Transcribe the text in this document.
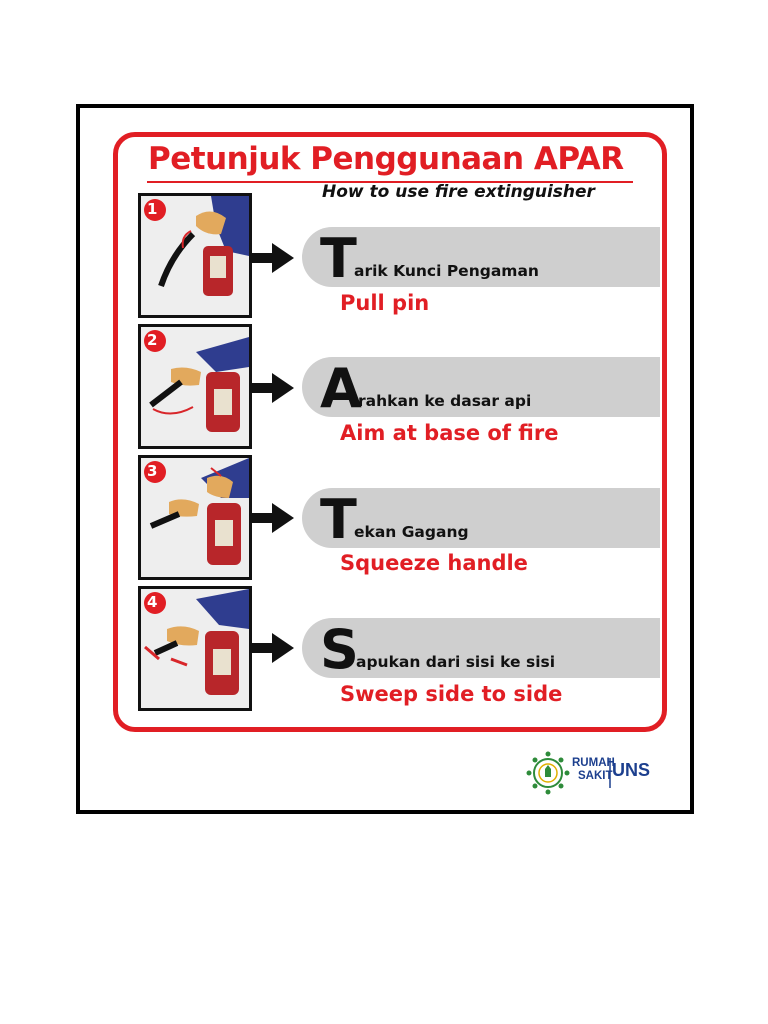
Petunjuk Penggunaan APAR
How to use fire extinguisher
1
T
arik Kunci Pengaman
Pull pin
2
A
rahkan ke dasar api
Aim at base of fire
3
T
ekan Gagang
Squeeze handle
4
S
apukan dari sisi ke sisi
Sweep side to side
RUMAH
SAKIT UNS
